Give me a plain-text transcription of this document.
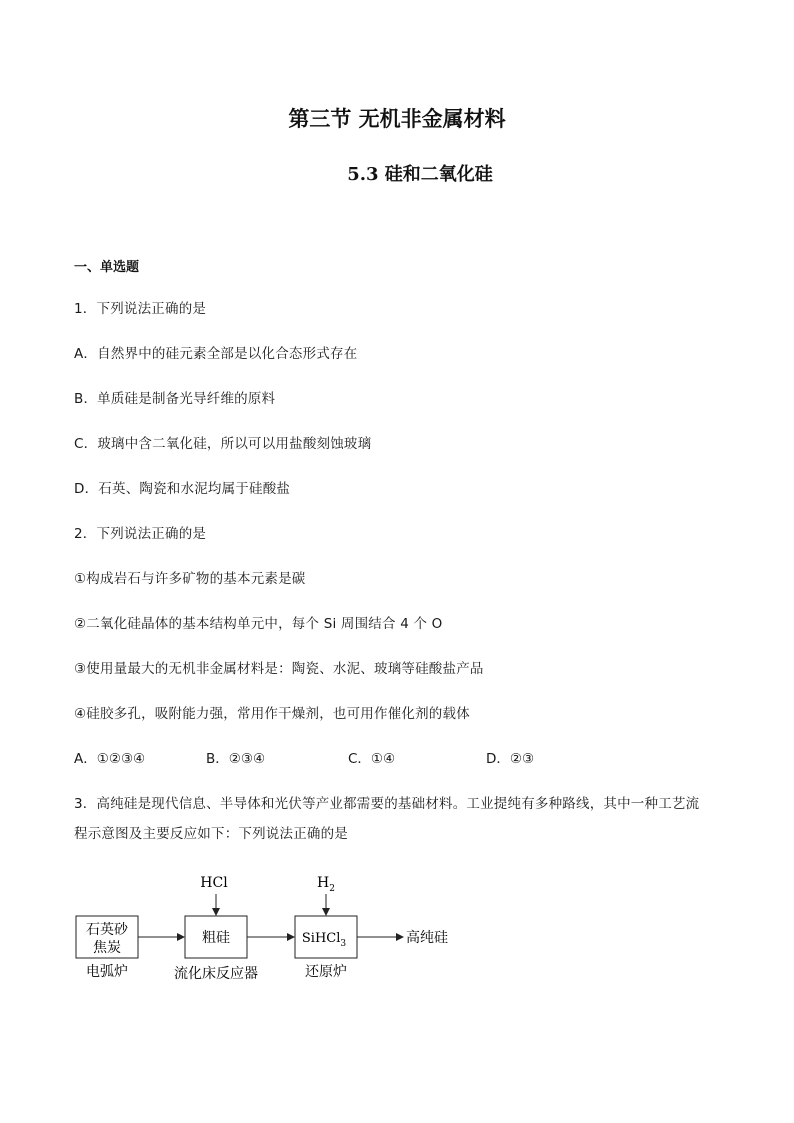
第三节 无机非金属材料
5.3 硅和二氧化硅
一、单选题
1．下列说法正确的是
A．自然界中的硅元素全部是以化合态形式存在
B．单质硅是制备光导纤维的原料
C．玻璃中含二氧化硅，所以可以用盐酸刻蚀玻璃
D．石英、陶瓷和水泥均属于硅酸盐
2．下列说法正确的是
①构成岩石与许多矿物的基本元素是碳
②二氧化硅晶体的基本结构单元中，每个 Si 周围结合 4 个 O
③使用量最大的无机非金属材料是：陶瓷、水泥、玻璃等硅酸盐产品
④硅胶多孔，吸附能力强，常用作干燥剂，也可用作催化剂的载体
A．①②③④	B．②③④	C．①④	D．②③
3．高纯硅是现代信息、半导体和光伏等产业都需要的基础材料。工业提纯有多种路线，其中一种工艺流
程示意图及主要反应如下：下列说法正确的是
石英砂
焦炭
电弧炉
粗硅
流化床反应器
HCl
SiHCl$_3$
还原炉
$H_2$
高纯硅
